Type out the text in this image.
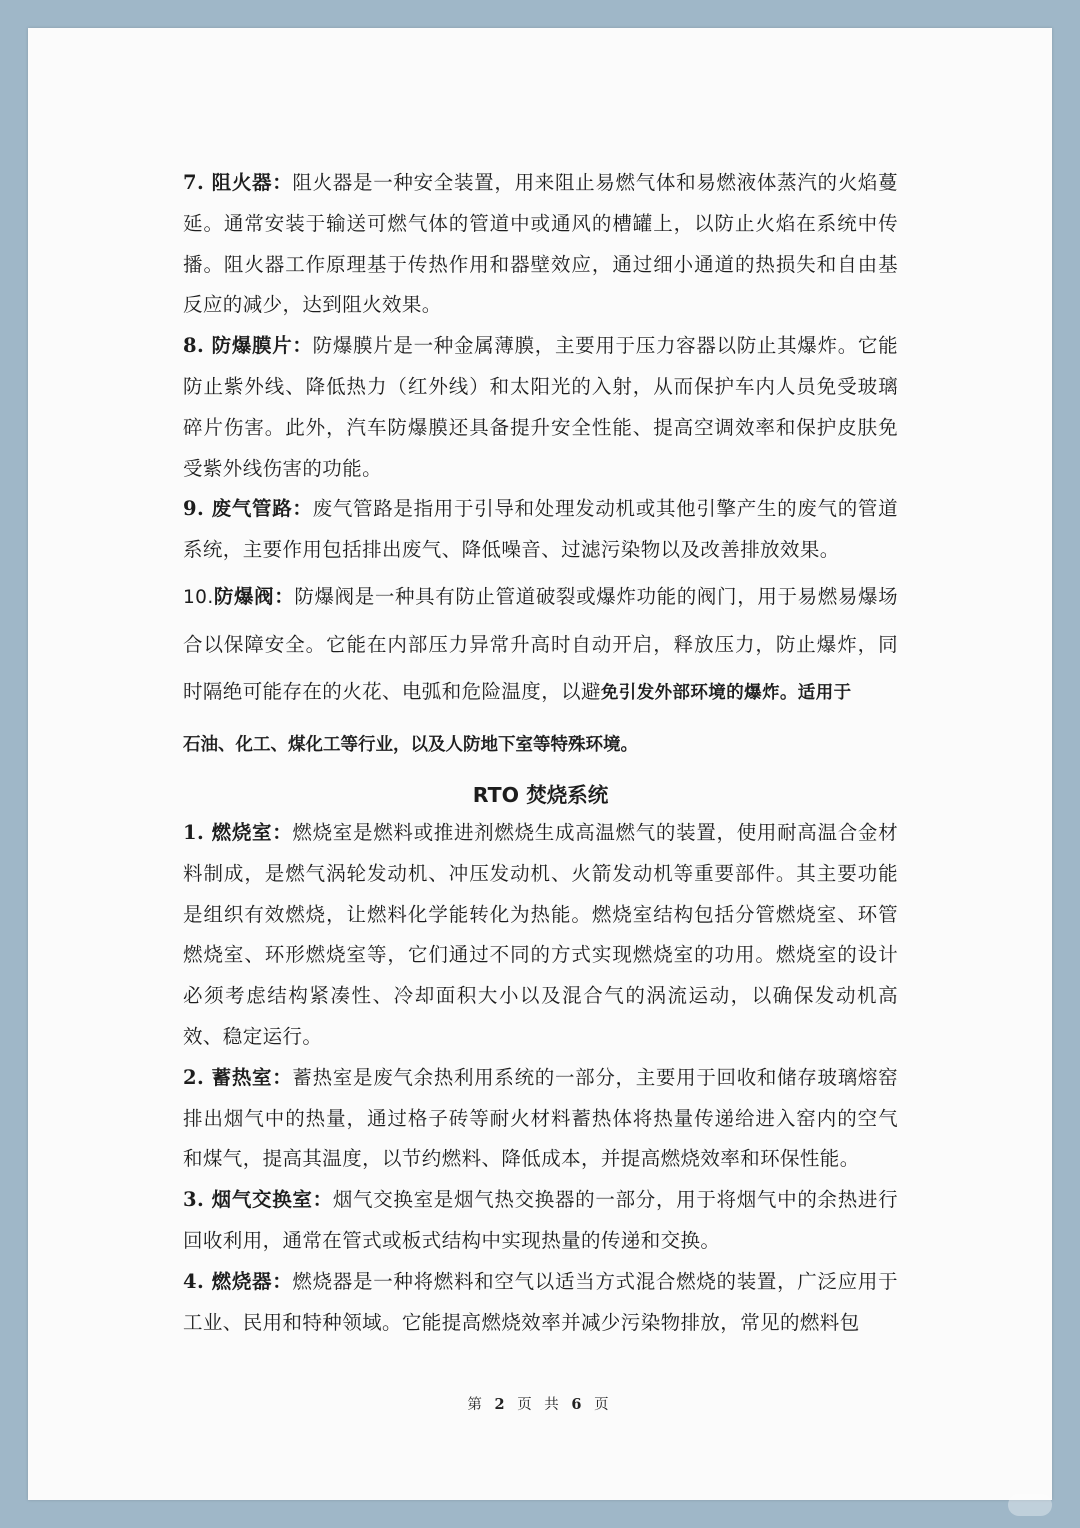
7. 阻火器：阻火器是一种安全装置，用来阻止易燃气体和易燃液体蒸汽的火焰蔓延。通常安装于输送可燃气体的管道中或通风的槽罐上，以防止火焰在系统中传播。阻火器工作原理基于传热作用和器壁效应，通过细小通道的热损失和自由基反应的减少，达到阻火效果。

8. 防爆膜片：防爆膜片是一种金属薄膜，主要用于压力容器以防止其爆炸。它能防止紫外线、降低热力（红外线）和太阳光的入射，从而保护车内人员免受玻璃碎片伤害。此外，汽车防爆膜还具备提升安全性能、提高空调效率和保护皮肤免受紫外线伤害的功能。

9. 废气管路：废气管路是指用于引导和处理发动机或其他引擎产生的废气的管道系统，主要作用包括排出废气、降低噪音、过滤污染物以及改善排放效果。

10.防爆阀：防爆阀是一种具有防止管道破裂或爆炸功能的阀门，用于易燃易爆场合以保障安全。它能在内部压力异常升高时自动开启，释放压力，防止爆炸，同时隔绝可能存在的火花、电弧和危险温度，以避免引发外部环境的爆炸。适用于

石油、化工、煤化工等行业，以及人防地下室等特殊环境。

RTO 焚烧系统

1. 燃烧室：燃烧室是燃料或推进剂燃烧生成高温燃气的装置，使用耐高温合金材料制成，是燃气涡轮发动机、冲压发动机、火箭发动机等重要部件。其主要功能是组织有效燃烧，让燃料化学能转化为热能。燃烧室结构包括分管燃烧室、环管燃烧室、环形燃烧室等，它们通过不同的方式实现燃烧室的功用。燃烧室的设计必须考虑结构紧凑性、冷却面积大小以及混合气的涡流运动，以确保发动机高效、稳定运行。

2. 蓄热室：蓄热室是废气余热利用系统的一部分，主要用于回收和储存玻璃熔窑排出烟气中的热量，通过格子砖等耐火材料蓄热体将热量传递给进入窑内的空气和煤气，提高其温度，以节约燃料、降低成本，并提高燃烧效率和环保性能。

3. 烟气交换室：烟气交换室是烟气热交换器的一部分，用于将烟气中的余热进行回收利用，通常在管式或板式结构中实现热量的传递和交换。

4. 燃烧器：燃烧器是一种将燃料和空气以适当方式混合燃烧的装置，广泛应用于工业、民用和特种领域。它能提高燃烧效率并减少污染物排放，常见的燃料包

第 2 页 共 6 页
